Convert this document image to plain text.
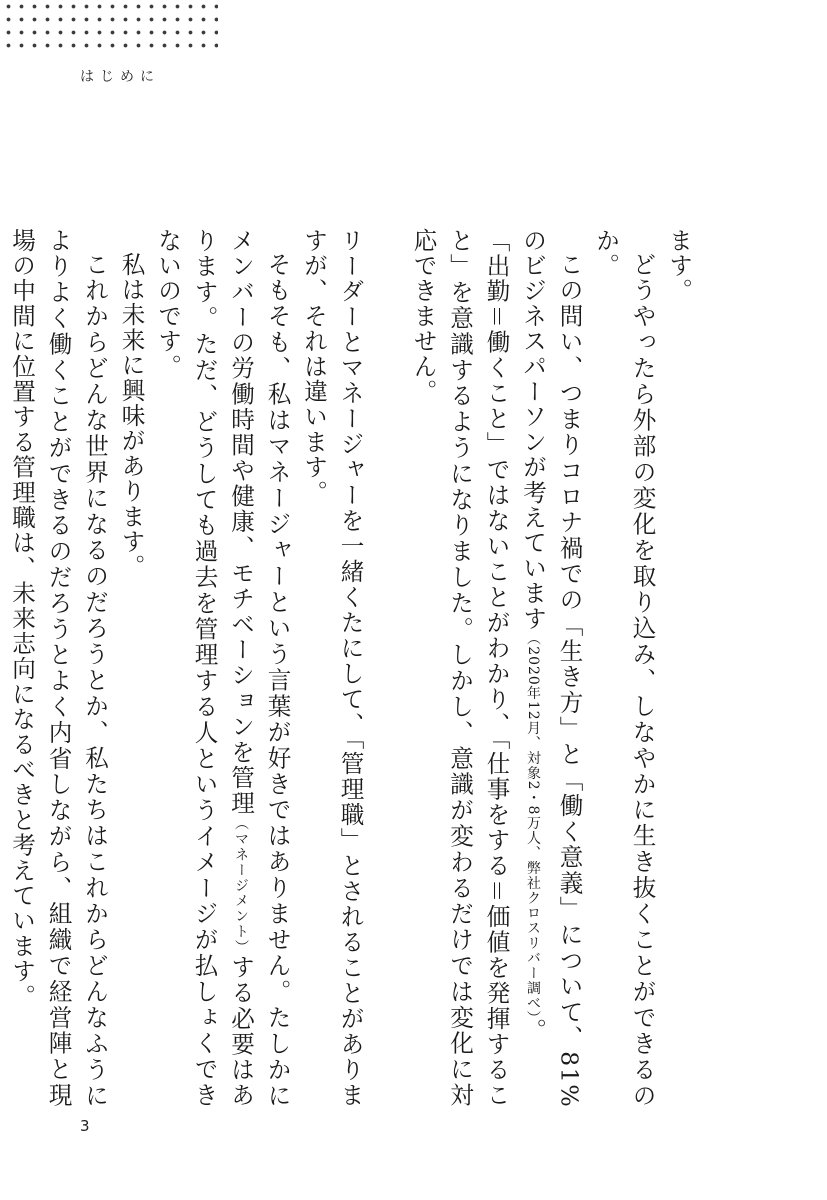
はじめに

ます。

どうやったら外部の変化を取り込み、しなやかに生き抜くことができるのか。

この問い、つまりコロナ禍での「生き方」と「働く意義」について、81%のビジネスパーソンが考えています（2020年12月、対象2・8万人、弊社クロスリバー調べ）。

「出勤＝働くこと」ではないことがわかり、「仕事をする＝価値を発揮すること」を意識するようになりました。しかし、意識が変わるだけでは変化に対応できません。

リーダーとマネージャーを一緒くたにして、「管理職」とされることがありますが、それは違います。

そもそも、私はマネージャーという言葉が好きではありません。たしかにメンバーの労働時間や健康、モチベーションを管理（マネージメント）する必要はあります。ただ、どうしても過去を管理する人というイメージが払しょくできないのです。

私は未来に興味があります。

これからどんな世界になるのだろうとか、私たちはこれからどんなふうによりよく働くことができるのだろうとよく内省しながら、組織で経営陣と現場の中間に位置する管理職は、未来志向になるべきと考えています。

3
